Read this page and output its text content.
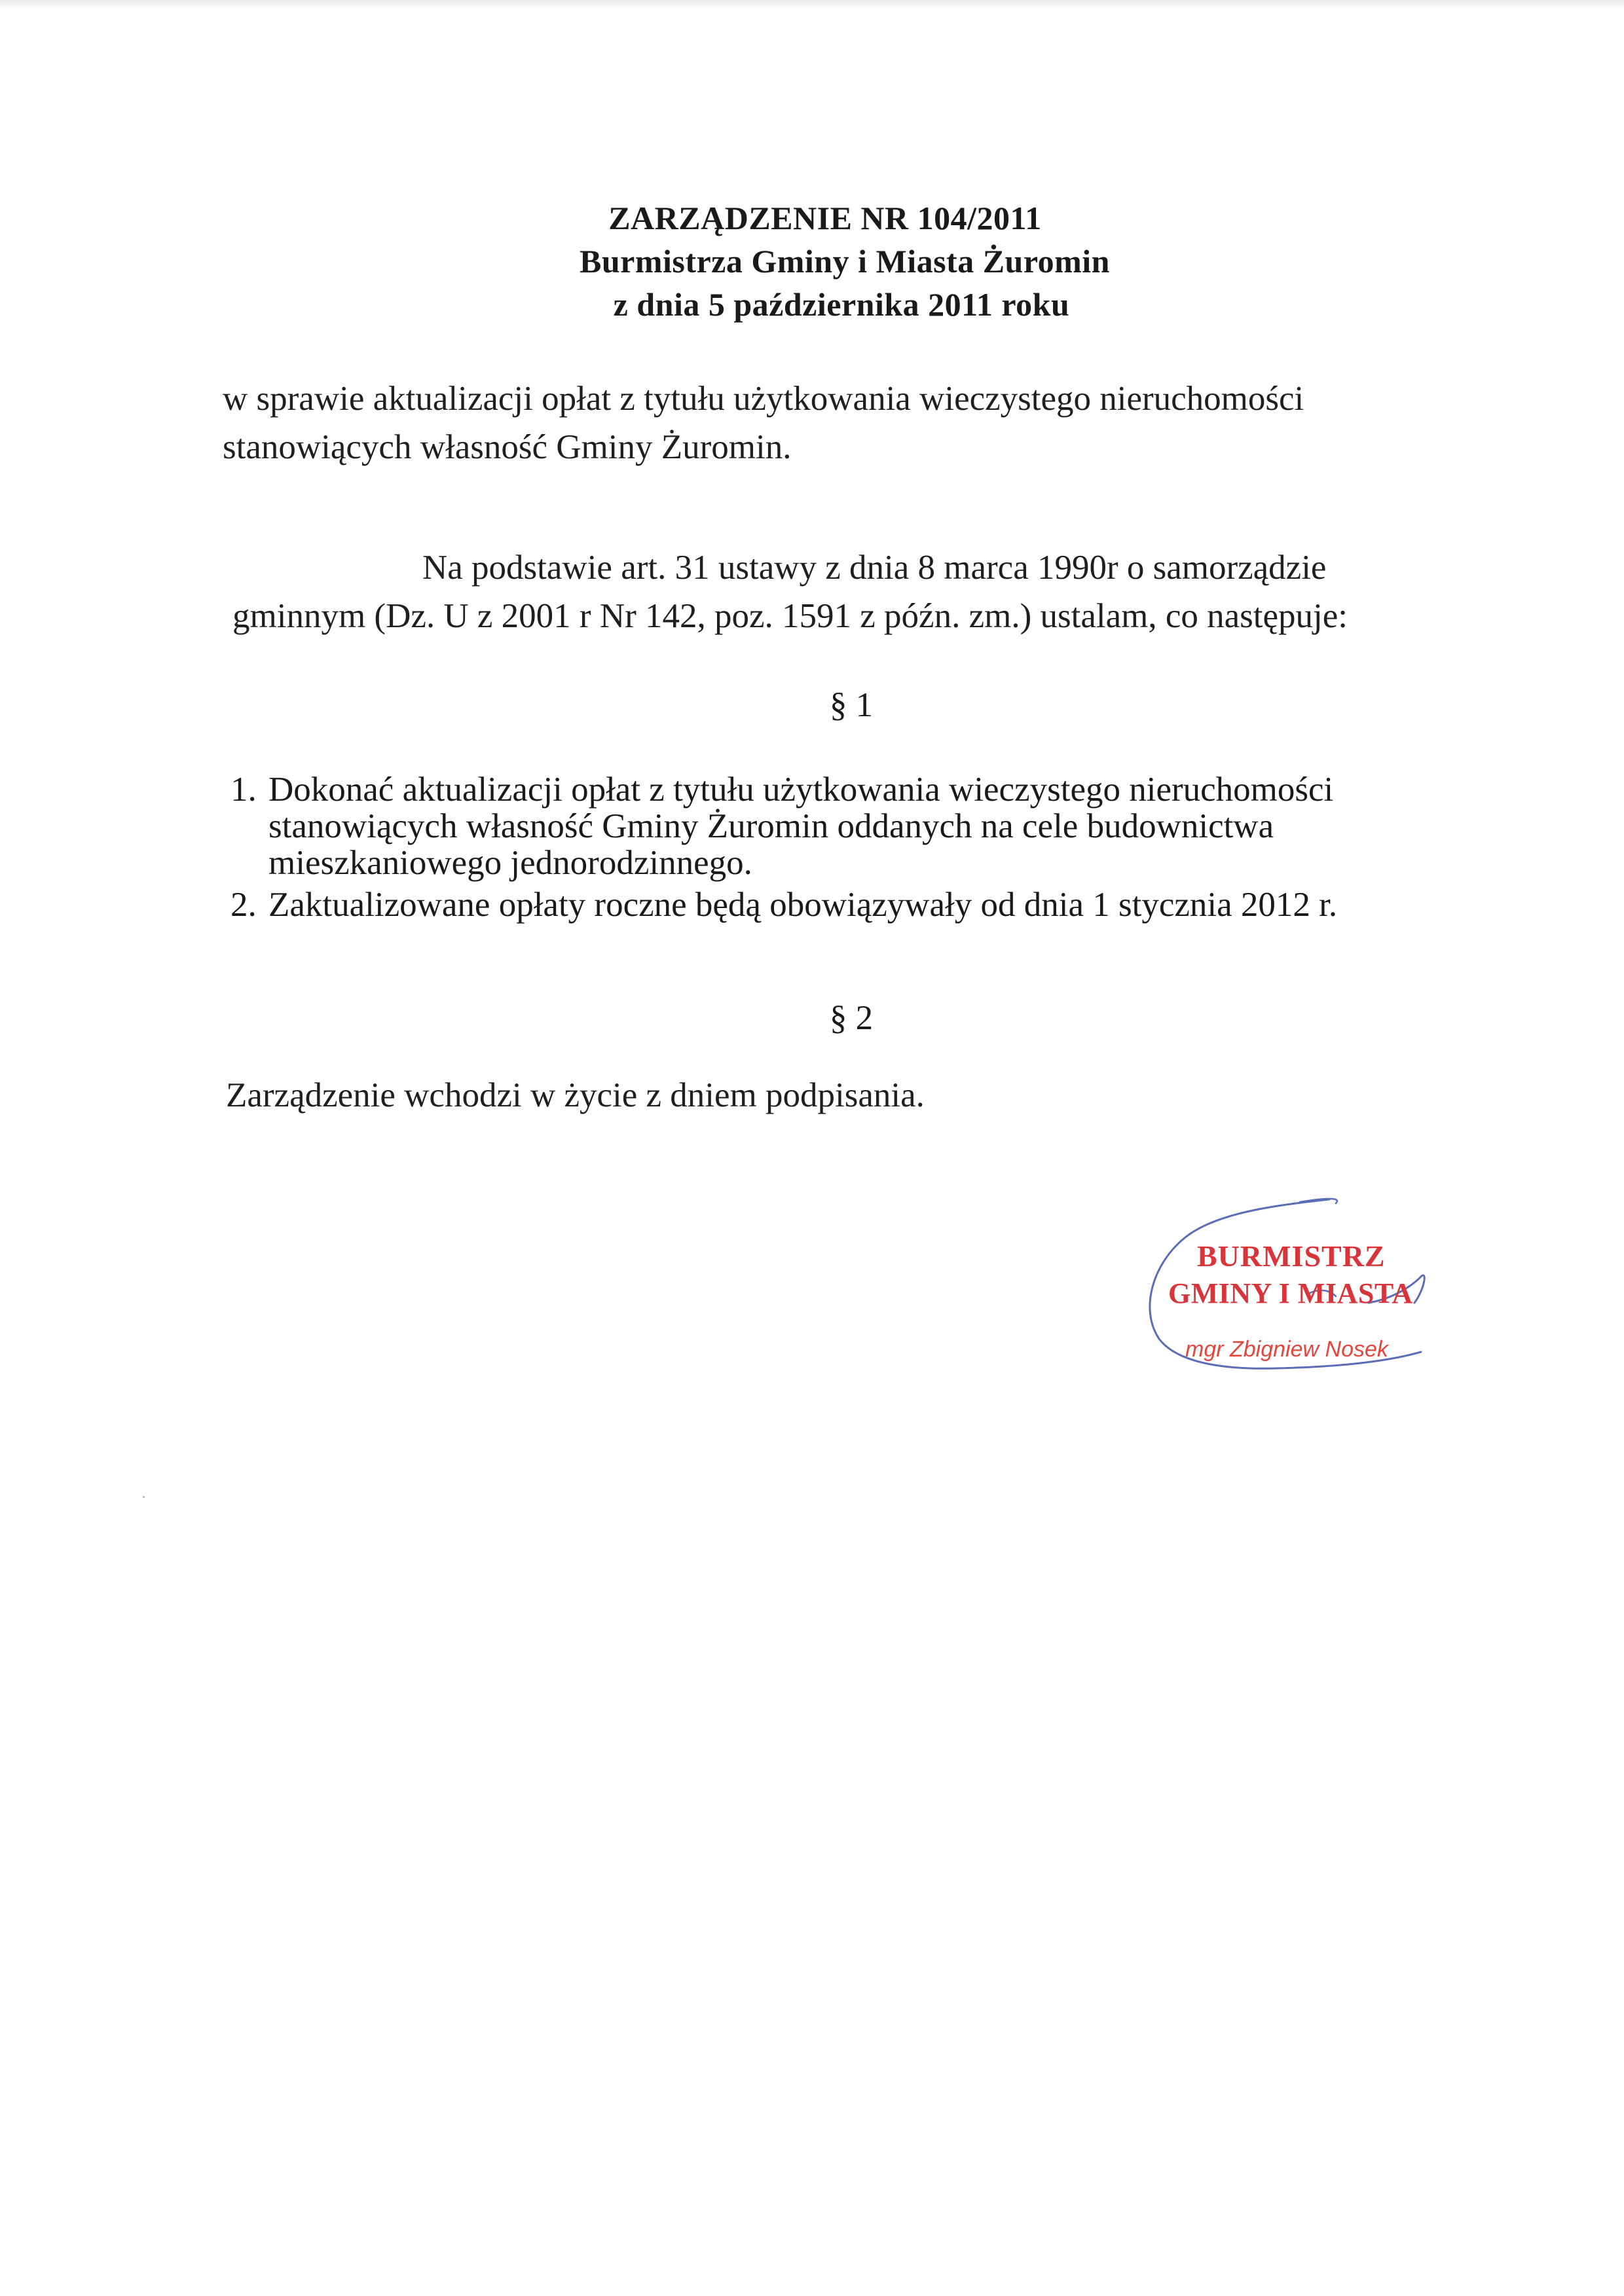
ZARZĄDZENIE NR 104/2011
Burmistrza Gminy i Miasta Żuromin
z dnia 5 października 2011 roku
w sprawie aktualizacji opłat z tytułu użytkowania wieczystego nieruchomości
stanowiących własność Gminy Żuromin.
Na podstawie art. 31 ustawy z dnia 8 marca 1990r o samorządzie
gminnym (Dz. U z 2001 r Nr 142, poz. 1591 z późn. zm.) ustalam, co następuje:
§ 1
1. Dokonać aktualizacji opłat z tytułu użytkowania wieczystego nieruchomości
stanowiących własność Gminy Żuromin oddanych na cele budownictwa
mieszkaniowego jednorodzinnego.
2. Zaktualizowane opłaty roczne będą obowiązywały od dnia 1 stycznia 2012 r.
§ 2
Zarządzenie wchodzi w życie z dniem podpisania.
BURMISTRZ
GMINY I MIASTA
mgr Zbigniew Nosek
